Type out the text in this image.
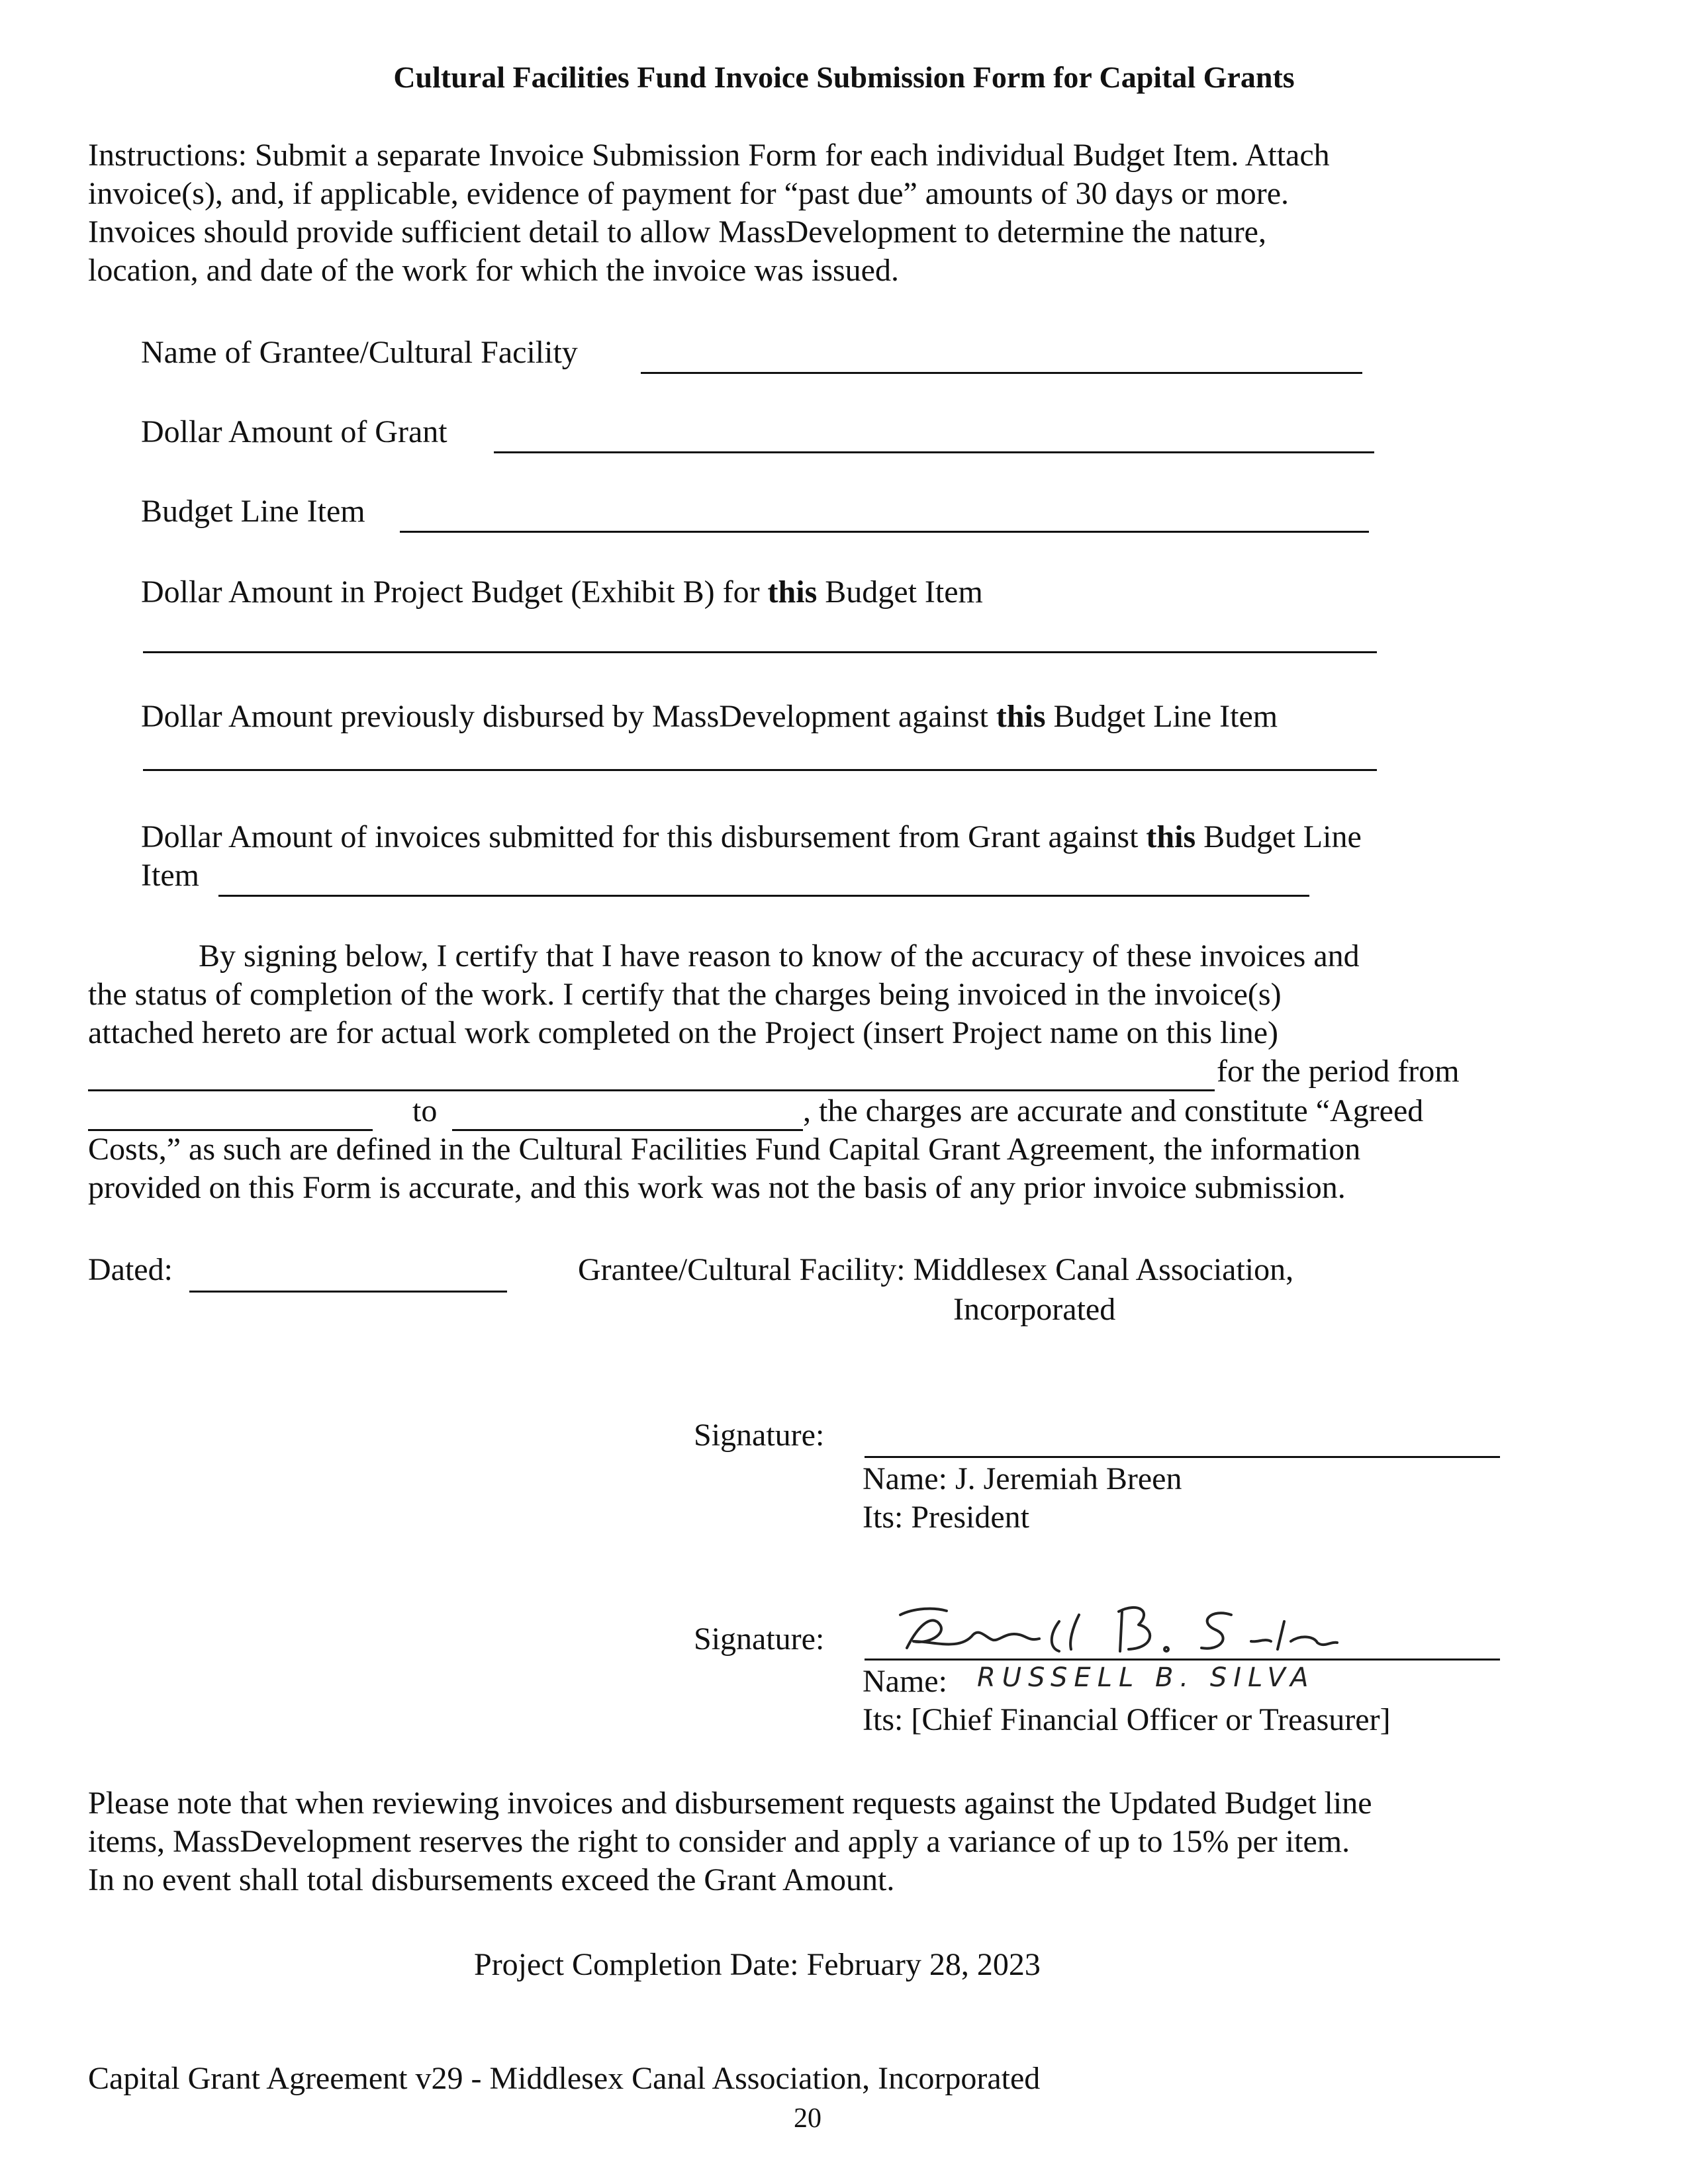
Cultural Facilities Fund Invoice Submission Form for Capital Grants
Instructions: Submit a separate Invoice Submission Form for each individual Budget Item. Attach
invoice(s), and, if applicable, evidence of payment for “past due” amounts of 30 days or more.
Invoices should provide sufficient detail to allow MassDevelopment to determine the nature,
location, and date of the work for which the invoice was issued.
Name of Grantee/Cultural Facility
Dollar Amount of Grant
Budget Line Item
Dollar Amount in Project Budget (Exhibit B) for this Budget Item
Dollar Amount previously disbursed by MassDevelopment against this Budget Line Item
Dollar Amount of invoices submitted for this disbursement from Grant against this Budget Line
Item
By signing below, I certify that I have reason to know of the accuracy of these invoices and
the status of completion of the work. I certify that the charges being invoiced in the invoice(s)
attached hereto are for actual work completed on the Project (insert Project name on this line)
for the period from
to	, the charges are accurate and constitute “Agreed
Costs,” as such are defined in the Cultural Facilities Fund Capital Grant Agreement, the information
provided on this Form is accurate, and this work was not the basis of any prior invoice submission.
Dated:	Grantee/Cultural Facility: Middlesex Canal Association,
Incorporated
Signature:
Name: J. Jeremiah Breen
Its: President
Signature:
Name: RUSSELL B. SILVA
Its: [Chief Financial Officer or Treasurer]
Please note that when reviewing invoices and disbursement requests against the Updated Budget line
items, MassDevelopment reserves the right to consider and apply a variance of up to 15% per item.
In no event shall total disbursements exceed the Grant Amount.
Project Completion Date: February 28, 2023
Capital Grant Agreement v29 - Middlesex Canal Association, Incorporated
20
